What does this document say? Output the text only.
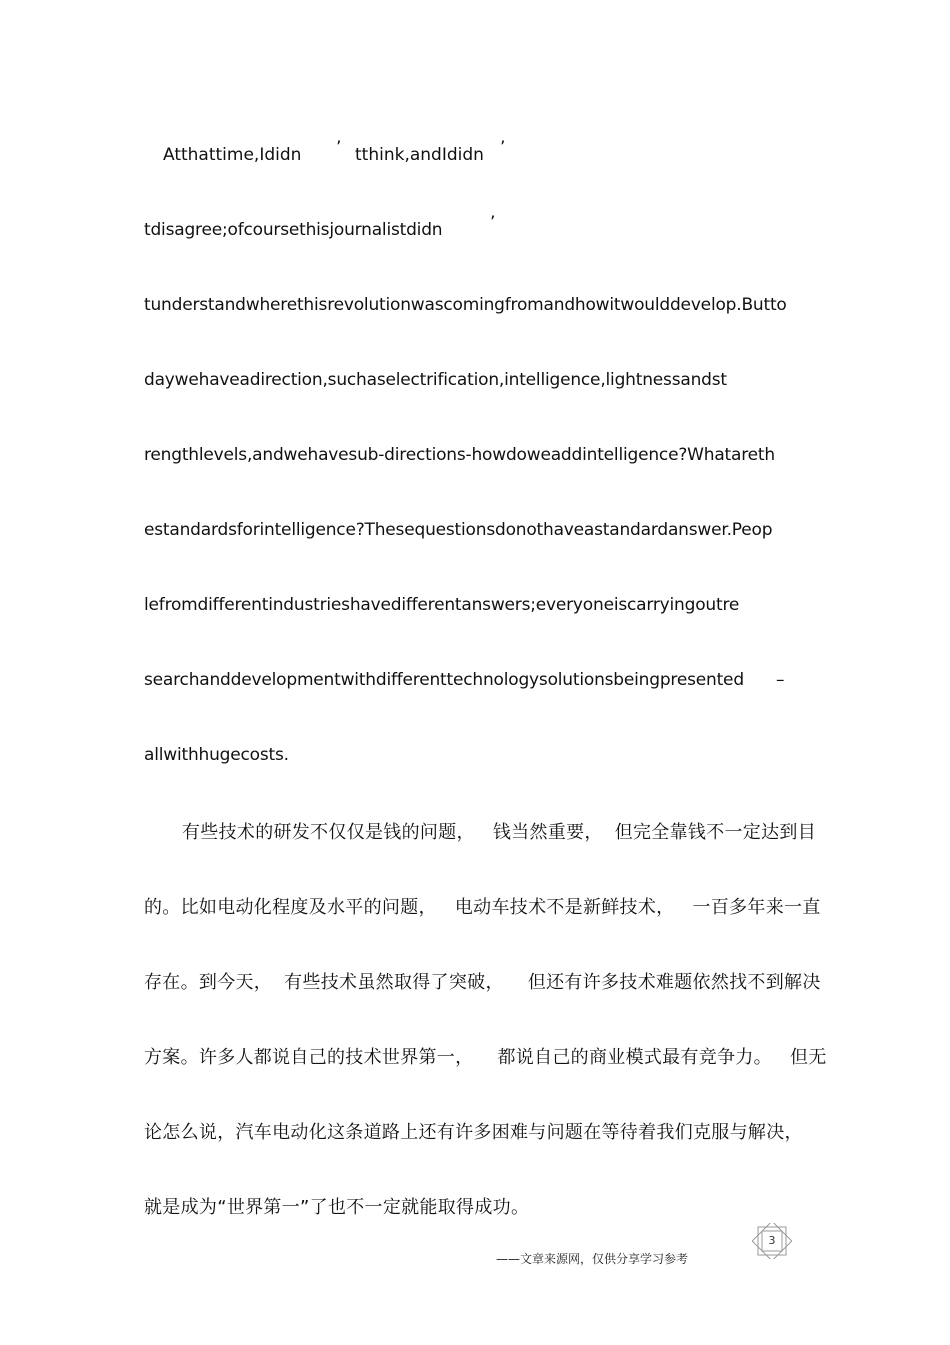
Atthattime,Ididn ’ tthink,andIdidn ’
tdisagree;ofcoursethisjournalistdidn	’
tunderstandwherethisrevolutionwascomingfromandhowitwoulddevelop.Butto
daywehaveadirection,suchaselectrification,intelligence,lightnessandst
rengthlevels,andwehavesub-directions-howdoweaddintelligence?Whatareth
estandardsforintelligence?Thesequestionsdonothaveastandardanswer.Peop
lefromdifferentindustrieshavedifferentanswers;everyoneiscarryingoutre
searchanddevelopmentwithdifferenttechnologysolutionsbeingpresented –
allwithhugecosts.
有些技术的研发不仅仅是钱的问题，   钱当然重要，  但完全靠钱不一定达到目
的。比如电动化程度及水平的问题，   电动车技术不是新鲜技术，   一百多年来一直
存在。到今天，  有些技术虽然取得了突破，    但还有许多技术难题依然找不到解决
方案。许多人都说自己的技术世界第一，    都说自己的商业模式最有竞争力。   但无
论怎么说，汽车电动化这条道路上还有许多困难与问题在等待着我们克服与解决，
就是成为“世界第一”了也不一定就能取得成功。
3
——文章来源网，仅供分享学习参考
